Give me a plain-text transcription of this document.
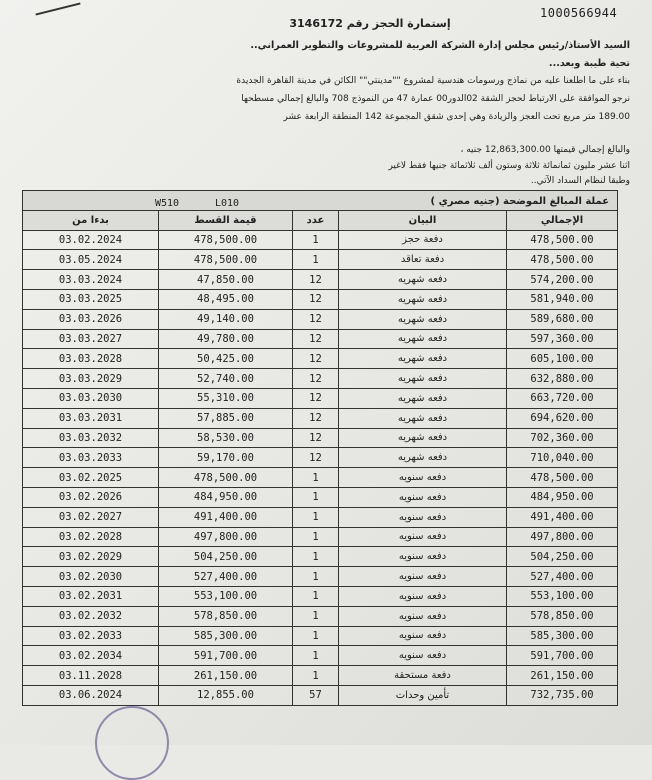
1000566944
إستمارة الحجز رقم 3146172
السيد الأستاذ/رئيس مجلس إدارة الشركة العربية للمشروعات والتطوير العمراني..
تحية طيبة وبعد...
بناء على ما اطلعنا عليه من نماذج ورسومات هندسية لمشروع ""مدينتي"" الكائن في مدينة القاهرة الجديدة
نرجو الموافقة على الارتباط لحجز الشقة 02الدور00 عمارة 47 من النموذج 708 والبالغ إجمالي مسطحها
189.00 متر مربع تحت العجز والزيادة وهي إحدى شقق المجموعة 142 المنطقة الرابعة عشر
والبالغ إجمالي قيمتها 12,863,300.00 جنيه ،
اثنا عشر مليون ثمانمائة ثلاثة وستون ألف ثلاثمائة جنيها فقط لاغير
وطبقا لنظام السداد الآتي..
W510 L010 عملة المبالغ الموضحة (جنيه مصري )				

بدءا من	قيمة القسط	عدد	البيان	الإجمالي
03.02.2024	478,500.00	1	دفعة حجز	478,500.00
03.05.2024	478,500.00	1	دفعة تعاقد	478,500.00
03.03.2024	47,850.00	12	دفعه شهريه	574,200.00
03.03.2025	48,495.00	12	دفعه شهريه	581,940.00
03.03.2026	49,140.00	12	دفعه شهريه	589,680.00
03.03.2027	49,780.00	12	دفعه شهريه	597,360.00
03.03.2028	50,425.00	12	دفعه شهريه	605,100.00
03.03.2029	52,740.00	12	دفعه شهريه	632,880.00
03.03.2030	55,310.00	12	دفعه شهريه	663,720.00
03.03.2031	57,885.00	12	دفعه شهريه	694,620.00
03.03.2032	58,530.00	12	دفعه شهريه	702,360.00
03.03.2033	59,170.00	12	دفعه شهريه	710,040.00
03.02.2025	478,500.00	1	دفعه سنويه	478,500.00
03.02.2026	484,950.00	1	دفعه سنويه	484,950.00
03.02.2027	491,400.00	1	دفعه سنويه	491,400.00
03.02.2028	497,800.00	1	دفعه سنويه	497,800.00
03.02.2029	504,250.00	1	دفعه سنويه	504,250.00
03.02.2030	527,400.00	1	دفعه سنويه	527,400.00
03.02.2031	553,100.00	1	دفعه سنويه	553,100.00
03.02.2032	578,850.00	1	دفعه سنويه	578,850.00
03.02.2033	585,300.00	1	دفعه سنويه	585,300.00
03.02.2034	591,700.00	1	دفعه سنويه	591,700.00
03.11.2028	261,150.00	1	دفعة مستحقة	261,150.00
03.06.2024	12,855.00	57	تأمين وحدات	732,735.00
